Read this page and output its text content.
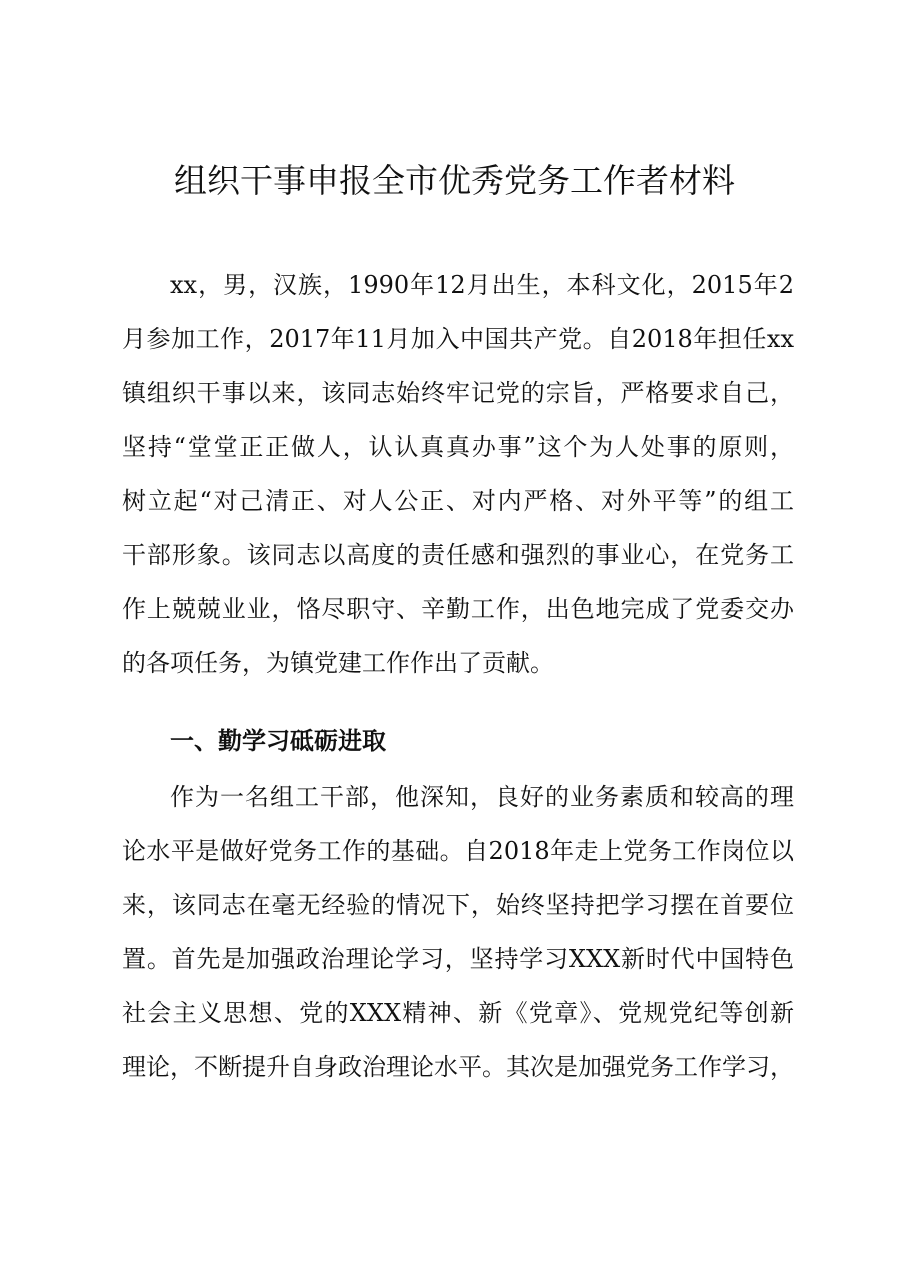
组织干事申报全市优秀党务工作者材料
xx，男，汉族，1990年12月出生，本科文化，2015年2
月参加工作，2017年11月加入中国共产党。自2018年担任xx
镇组织干事以来，该同志始终牢记党的宗旨，严格要求自己，
坚持“堂堂正正做人，认认真真办事”这个为人处事的原则，
树立起“对己清正、对人公正、对内严格、对外平等”的组工
干部形象。该同志以高度的责任感和强烈的事业心，在党务工
作上兢兢业业，恪尽职守、辛勤工作，出色地完成了党委交办
的各项任务，为镇党建工作作出了贡献。
一、勤学习砥砺进取
作为一名组工干部，他深知，良好的业务素质和较高的理
论水平是做好党务工作的基础。自2018年走上党务工作岗位以
来，该同志在毫无经验的情况下，始终坚持把学习摆在首要位
置。首先是加强政治理论学习，坚持学习XXX新时代中国特色
社会主义思想、党的XXX精神、新《党章》、党规党纪等创新
理论，不断提升自身政治理论水平。其次是加强党务工作学习，
